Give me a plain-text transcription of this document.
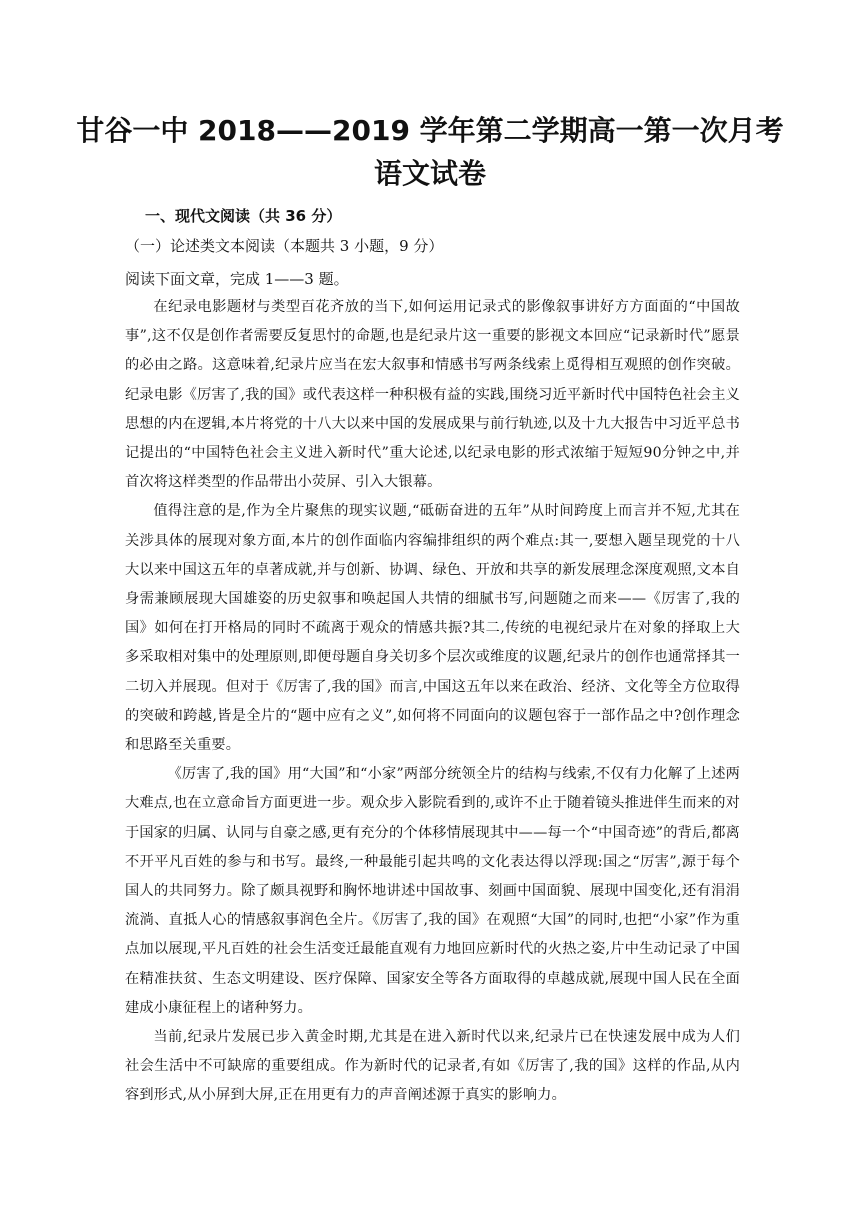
甘谷一中 2018——2019 学年第二学期高一第一次月考
语文试卷
一、现代文阅读（共 36 分）
（一）论述类文本阅读（本题共 3 小题，9 分）
阅读下面文章，完成 1——3 题。

在纪录电影题材与类型百花齐放的当下,如何运用记录式的影像叙事讲好方方面面的“中国故事”,这不仅是创作者需要反复思忖的命题,也是纪录片这一重要的影视文本回应“记录新时代”愿景的必由之路。这意味着,纪录片应当在宏大叙事和情感书写两条线索上觅得相互观照的创作突破。纪录电影《厉害了,我的国》或代表这样一种积极有益的实践,围绕习近平新时代中国特色社会主义思想的内在逻辑,本片将党的十八大以来中国的发展成果与前行轨迹,以及十九大报告中习近平总书记提出的“中国特色社会主义进入新时代”重大论述,以纪录电影的形式浓缩于短短90分钟之中,并首次将这样类型的作品带出小荧屏、引入大银幕。

值得注意的是,作为全片聚焦的现实议题,“砥砺奋进的五年”从时间跨度上而言并不短,尤其在关涉具体的展现对象方面,本片的创作面临内容编排组织的两个难点:其一,要想入题呈现党的十八大以来中国这五年的卓著成就,并与创新、协调、绿色、开放和共享的新发展理念深度观照,文本自身需兼顾展现大国雄姿的历史叙事和唤起国人共情的细腻书写,问题随之而来——《厉害了,我的国》如何在打开格局的同时不疏离于观众的情感共振?其二,传统的电视纪录片在对象的择取上大多采取相对集中的处理原则,即便母题自身关切多个层次或维度的议题,纪录片的创作也通常择其一二切入并展现。但对于《厉害了,我的国》而言,中国这五年以来在政治、经济、文化等全方位取得的突破和跨越,皆是全片的“题中应有之义”,如何将不同面向的议题包容于一部作品之中?创作理念和思路至关重要。

《厉害了,我的国》用“大国”和“小家”两部分统领全片的结构与线索,不仅有力化解了上述两大难点,也在立意命旨方面更进一步。观众步入影院看到的,或许不止于随着镜头推进伴生而来的对于国家的归属、认同与自豪之感,更有充分的个体移情展现其中——每一个“中国奇迹”的背后,都离不开平凡百姓的参与和书写。最终,一种最能引起共鸣的文化表达得以浮现:国之“厉害”,源于每个国人的共同努力。除了颇具视野和胸怀地讲述中国故事、刻画中国面貌、展现中国变化,还有涓涓流淌、直抵人心的情感叙事润色全片。《厉害了,我的国》在观照“大国”的同时,也把“小家”作为重点加以展现,平凡百姓的社会生活变迁最能直观有力地回应新时代的火热之姿,片中生动记录了中国在精准扶贫、生态文明建设、医疗保障、国家安全等各方面取得的卓越成就,展现中国人民在全面建成小康征程上的诸种努力。

当前,纪录片发展已步入黄金时期,尤其是在进入新时代以来,纪录片已在快速发展中成为人们社会生活中不可缺席的重要组成。作为新时代的记录者,有如《厉害了,我的国》这样的作品,从内容到形式,从小屏到大屏,正在用更有力的声音阐述源于真实的影响力。
